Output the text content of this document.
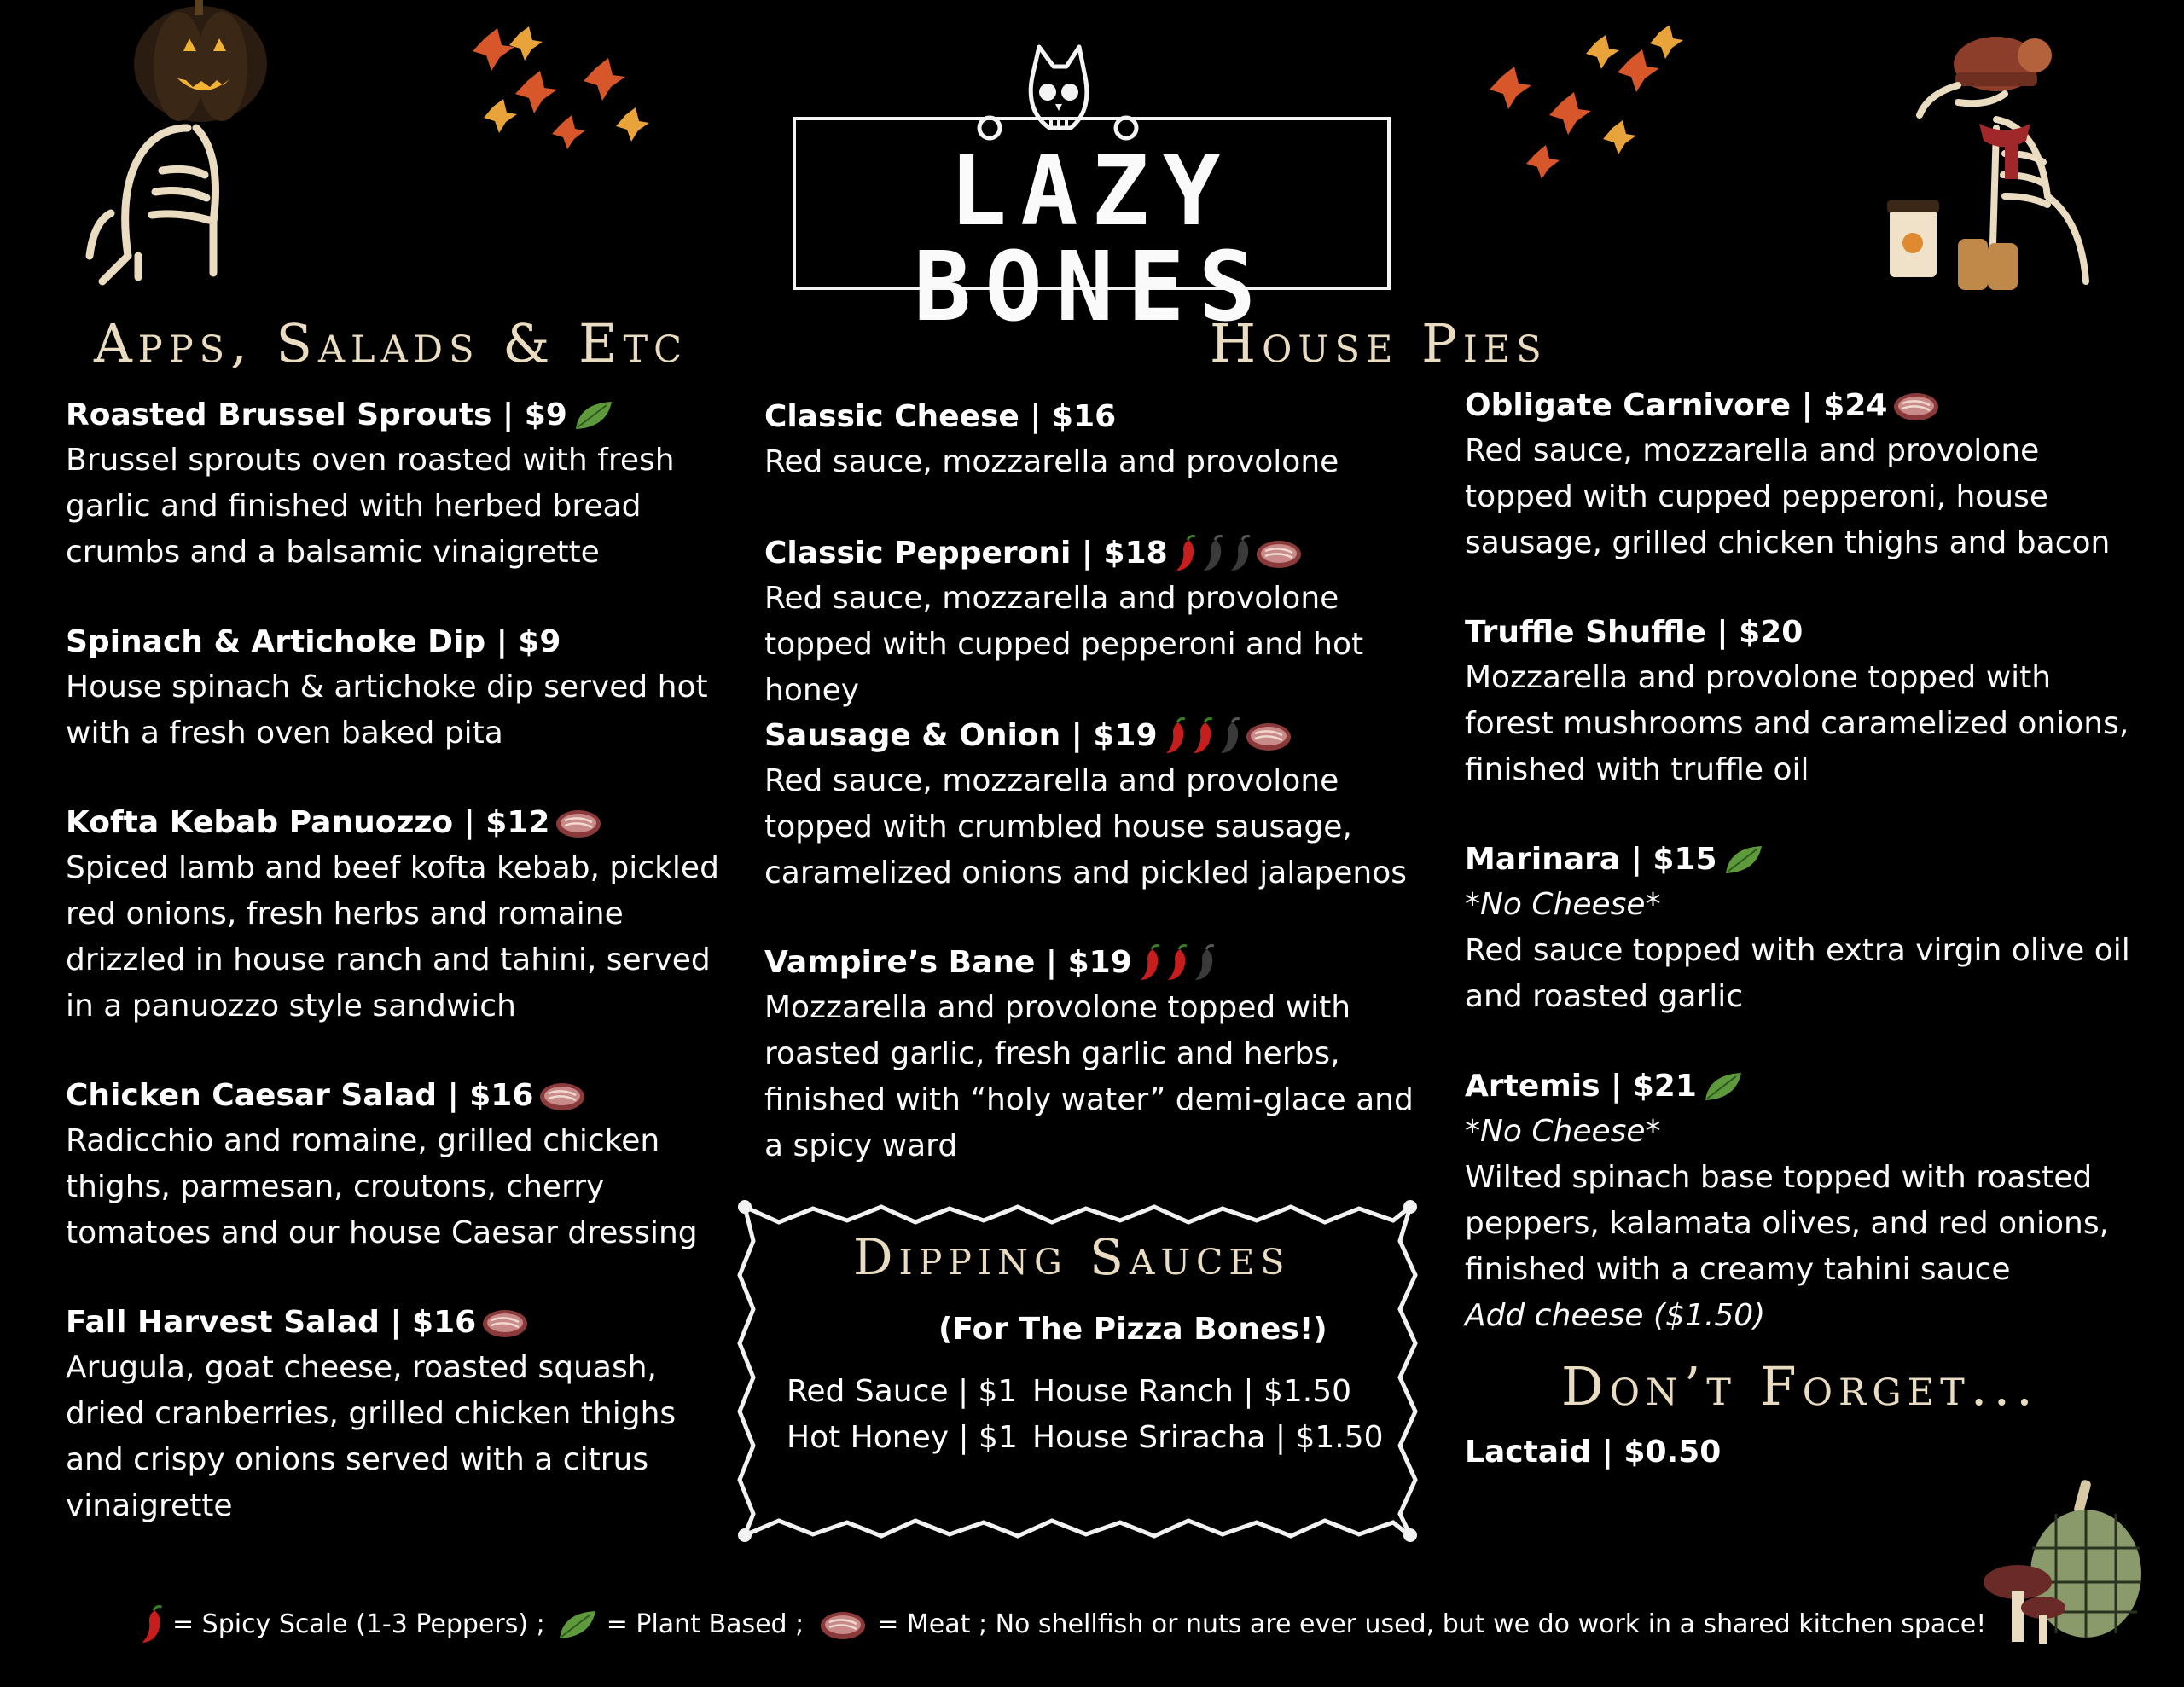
LAZY BONES
Apps, Salads & Etc	House Pies
Don’t Forget...
Roasted Brussel Sprouts | $9
Brussel sprouts oven roasted with fresh garlic and finished with herbed bread crumbs and a balsamic vinaigrette
Spinach & Artichoke Dip | $9
House spinach & artichoke dip served hot with a fresh oven baked pita
Kofta Kebab Panuozzo | $12
Spiced lamb and beef kofta kebab, pickled red onions, fresh herbs and romaine drizzled in house ranch and tahini, served in a panuozzo style sandwich
Chicken Caesar Salad | $16
Radicchio and romaine, grilled chicken thighs, parmesan, croutons, cherry tomatoes and our house Caesar dressing
Fall Harvest Salad | $16
Arugula, goat cheese, roasted squash, dried cranberries, grilled chicken thighs and crispy onions served with a citrus vinaigrette
Classic Cheese | $16
Red sauce, mozzarella and provolone
Classic Pepperoni | $18
Red sauce, mozzarella and provolone topped with cupped pepperoni and hot honey
Sausage & Onion | $19
Red sauce, mozzarella and provolone topped with crumbled house sausage, caramelized onions and pickled jalapenos
Vampire’s Bane | $19
Mozzarella and provolone topped with roasted garlic, fresh garlic and herbs, finished with “holy water” demi-glace and a spicy ward
Obligate Carnivore | $24
Red sauce, mozzarella and provolone topped with cupped pepperoni, house sausage, grilled chicken thighs and bacon
Truffle Shuffle | $20
Mozzarella and provolone topped with forest mushrooms and caramelized onions, finished with truffle oil
Marinara | $15
*No Cheese*
Red sauce topped with extra virgin olive oil and roasted garlic
Artemis | $21
*No Cheese*
Wilted spinach base topped with roasted peppers, kalamata olives, and red onions, finished with a creamy tahini sauce
Add cheese ($1.50)
Lactaid | $0.50
Dipping Sauces
(For The Pizza Bones!)
Red Sauce | $1
Hot Honey | $1
House Ranch | $1.50
House Sriracha | $1.50
= Spicy Scale (1-3 Peppers) ; = Plant Based ;	= Meat ; No shellfish or nuts are ever used, but we do work in a shared kitchen space!
